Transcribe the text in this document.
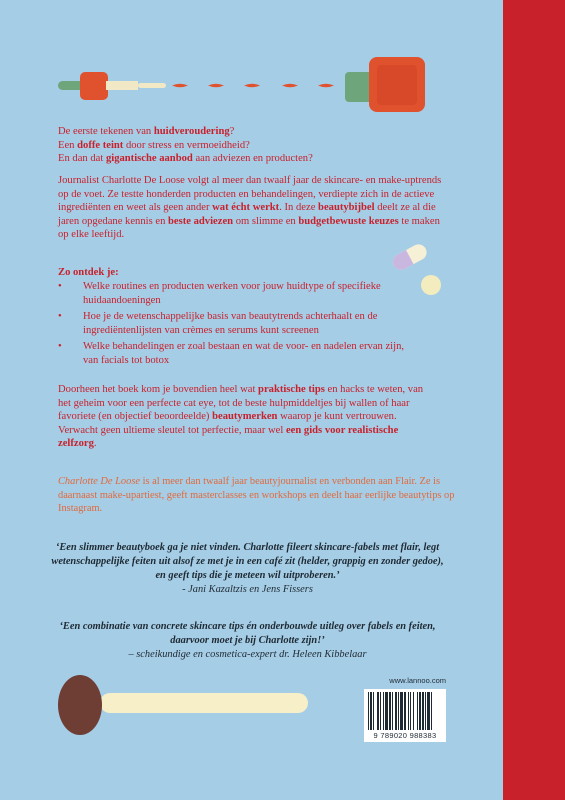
De eerste tekenen van huidveroudering?

Een doffe teint door stress en vermoeidheid?

En dan dat gigantische aanbod aan adviezen en producten?

Journalist Charlotte De Loose volgt al meer dan twaalf jaar de skincare- en make-uptrends op de voet. Ze testte honderden producten en behandelingen, verdiepte zich in de actieve ingrediënten en weet als geen ander wat écht werkt. In deze beautybijbel deelt ze al die jaren opgedane kennis en beste adviezen om slimme en budgetbewuste keuzes te maken op elke leeftijd.
Zo ontdek je:
• Welke routines en producten werken voor jouw huidtype of specifieke huidaandoeningen
• Hoe je de wetenschappelijke basis van beautytrends achterhaalt en de ingrediëntenlijsten van crèmes en serums kunt screenen
• Welke behandelingen er zoal bestaan en wat de voor- en nadelen ervan zijn, van facials tot botox
Doorheen het boek kom je bovendien heel wat praktische tips en hacks te weten, van het geheim voor een perfecte cat eye, tot de beste hulpmiddeltjes bij wallen of haar favoriete (en objectief beoordeelde) beautymerken waarop je kunt vertrouwen. Verwacht geen ultieme sleutel tot perfectie, maar wel een gids voor realistische zelfzorg.
Charlotte De Loose is al meer dan twaalf jaar beautyjournalist en verbonden aan Flair. Ze is daarnaast make-upartiest, geeft masterclasses en workshops en deelt haar eerlijke beautytips op Instagram.

‘Een slimmer beautyboek ga je niet vinden. Charlotte fileert skincare-fabels met flair, legt wetenschappelijke feiten uit alsof ze met je in een café zit (helder, grappig en zonder gedoe), en geeft tips die je meteen wil uitproberen.’

- Jani Kazaltzis en Jens Fissers

‘Een combinatie van concrete skincare tips én onderbouwde uitleg over fabels en feiten, daarvoor moet je bij Charlotte zijn!’

– scheikundige en cosmetica-expert dr. Heleen Kibbelaar

www.lannoo.com
9 789020 988383
